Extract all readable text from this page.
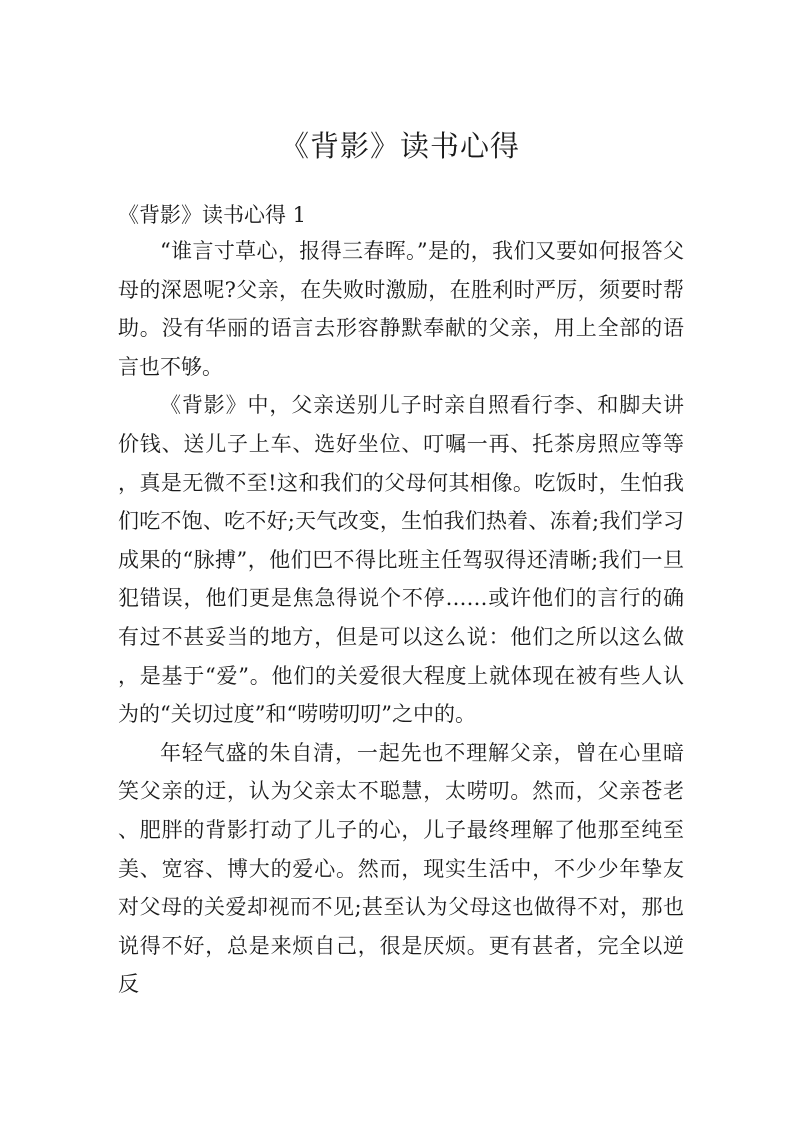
《背影》读书心得

《背影》读书心得 1

“谁言寸草心，报得三春晖。”是的，我们又要如何报答父母的深恩呢?父亲，在失败时激励，在胜利时严厉，须要时帮助。没有华丽的语言去形容静默奉献的父亲，用上全部的语言也不够。

《背影》中，父亲送别儿子时亲自照看行李、和脚夫讲价钱、送儿子上车、选好坐位、叮嘱一再、托茶房照应等等，真是无微不至!这和我们的父母何其相像。吃饭时，生怕我们吃不饱、吃不好;天气改变，生怕我们热着、冻着;我们学习成果的“脉搏”，他们巴不得比班主任驾驭得还清晰;我们一旦犯错误，他们更是焦急得说个不停……或许他们的言行的确有过不甚妥当的地方，但是可以这么说：他们之所以这么做，是基于“爱”。他们的关爱很大程度上就体现在被有些人认为的“关切过度”和“唠唠叨叨”之中的。

年轻气盛的朱自清，一起先也不理解父亲，曾在心里暗笑父亲的迂，认为父亲太不聪慧，太唠叨。然而，父亲苍老、肥胖的背影打动了儿子的心，儿子最终理解了他那至纯至美、宽容、博大的爱心。然而，现实生活中，不少少年挚友对父母的关爱却视而不见;甚至认为父母这也做得不对，那也说得不好，总是来烦自己，很是厌烦。更有甚者，完全以逆反
